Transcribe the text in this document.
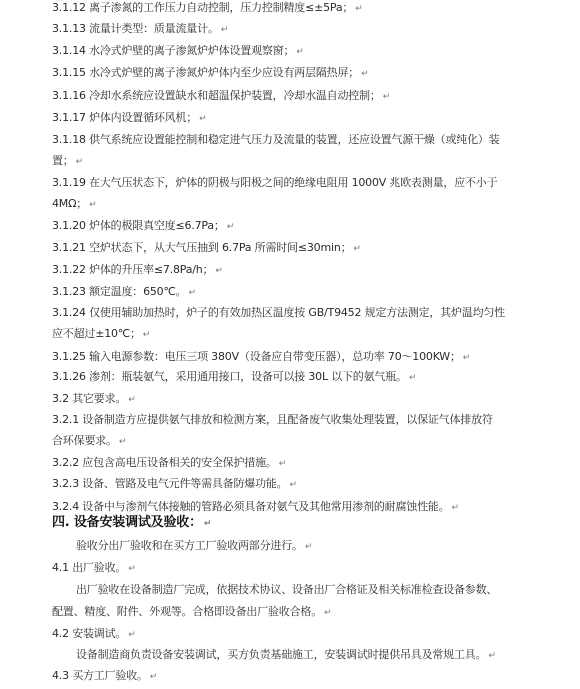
3.1.12 离子渗氮的工作压力自动控制，压力控制精度≤±5Pa； ↵
3.1.13 流量计类型：质量流量计。 ↵
3.1.14 水冷式炉壁的离子渗氮炉炉体设置观察窗； ↵
3.1.15 水冷式炉壁的离子渗氮炉炉体内至少应设有两层隔热屏； ↵
3.1.16 冷却水系统应设置缺水和超温保护装置，冷却水温自动控制； ↵
3.1.17 炉体内设置循环风机； ↵
3.1.18 供气系统应设置能控制和稳定进气压力及流量的装置，还应设置气源干燥（或纯化）装
置； ↵
3.1.19 在大气压状态下，炉体的阴极与阳极之间的绝缘电阻用 1000V 兆欧表测量，应不小于
4MΩ； ↵
3.1.20 炉体的极限真空度≤6.7Pa； ↵
3.1.21 空炉状态下，从大气压抽到 6.7Pa 所需时间≤30min； ↵
3.1.22 炉体的升压率≤7.8Pa/h； ↵
3.1.23 额定温度：650℃。 ↵
3.1.24 仅使用辅助加热时，炉子的有效加热区温度按 GB/T9452 规定方法测定，其炉温均匀性
应不超过±10℃； ↵
3.1.25 输入电源参数：电压三项 380V（设备应自带变压器），总功率 70～100KW； ↵
3.1.26 渗剂：瓶装氨气，采用通用接口，设备可以接 30L 以下的氨气瓶。 ↵
3.2 其它要求。 ↵
3.2.1 设备制造方应提供氨气排放和检测方案，且配备废气收集处理装置，以保证气体排放符
合环保要求。 ↵
3.2.2 应包含高电压设备相关的安全保护措施。 ↵
3.2.3 设备、管路及电气元件等需具备防爆功能。 ↵
3.2.4 设备中与渗剂气体接触的管路必须具备对氨气及其他常用渗剂的耐腐蚀性能。 ↵
四. 设备安装调试及验收： ↵
验收分出厂验收和在买方工厂验收两部分进行。 ↵
4.1 出厂验收。 ↵
出厂验收在设备制造厂完成，依据技术协议、设备出厂合格证及相关标准检查设备参数、
配置、精度、附件、外观等。合格即设备出厂验收合格。 ↵
4.2 安装调试。 ↵
设备制造商负责设备安装调试，买方负责基础施工，安装调试时提供吊具及常规工具。 ↵
4.3 买方工厂验收。 ↵
